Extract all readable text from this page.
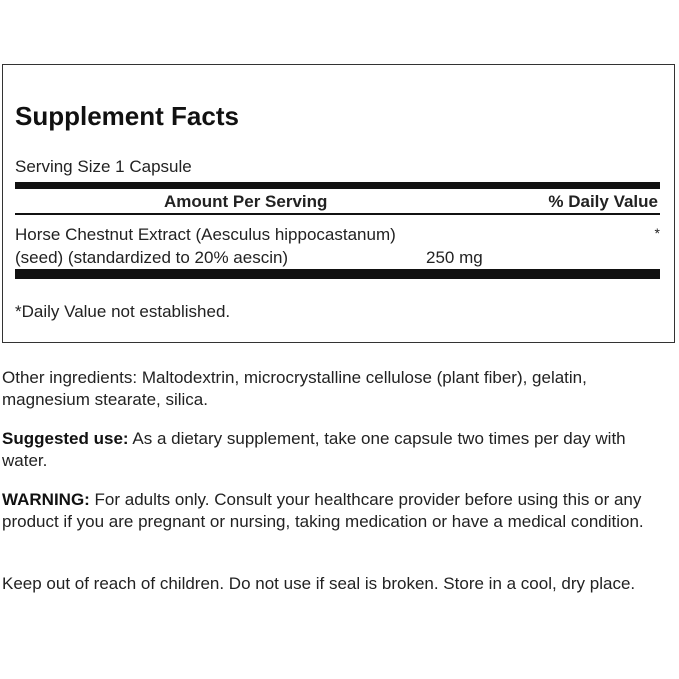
Supplement Facts
Serving Size 1 Capsule
Amount Per Serving	% Daily Value
Horse Chestnut Extract (Aesculus hippocastanum)
(seed) (standardized to 20% aescin)	250 mg
*
*Daily Value not established.
Other ingredients: Maltodextrin, microcrystalline cellulose (plant fiber), gelatin, magnesium stearate, silica.
Suggested use: As a dietary supplement, take one capsule two times per day with water.
WARNING: For adults only. Consult your healthcare provider before using this or any product if you are pregnant or nursing, taking medication or have a medical condition.
Keep out of reach of children. Do not use if seal is broken. Store in a cool, dry place.
